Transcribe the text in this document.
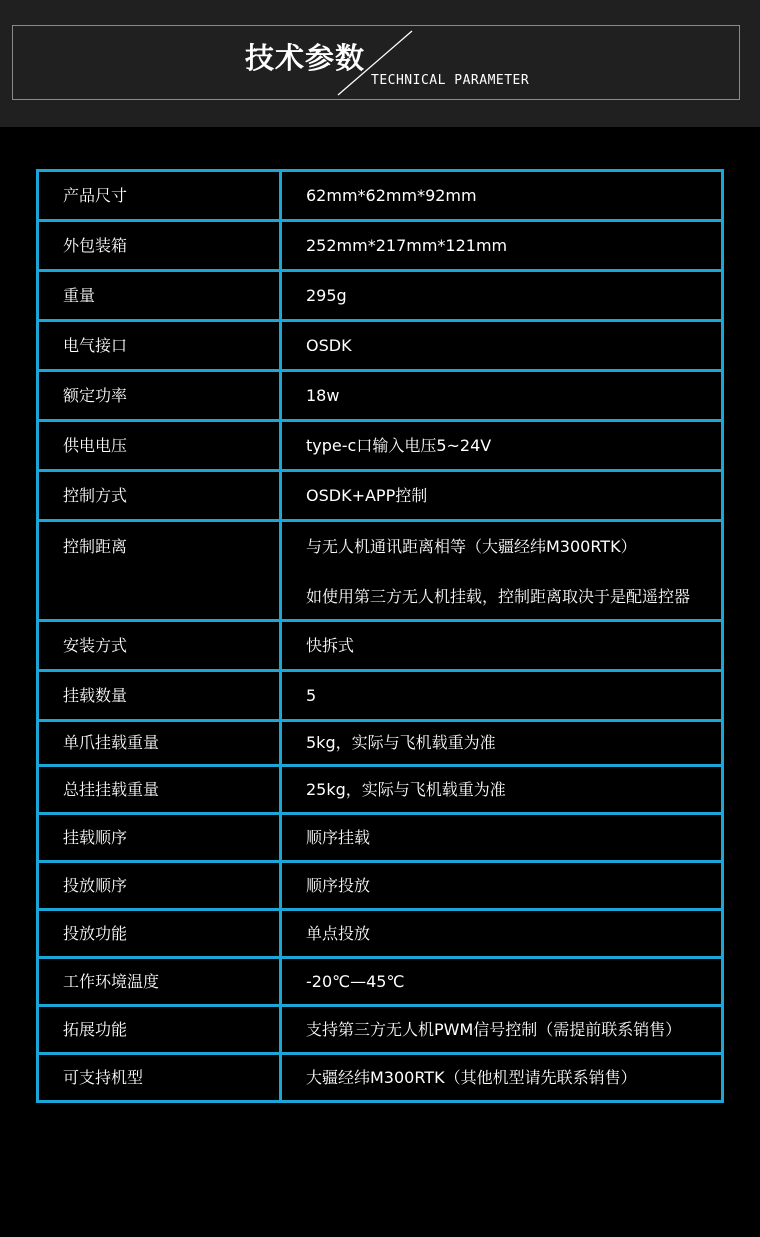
技术参数
TECHNICAL PARAMETER
产品尺寸	62mm*62mm*92mm

外包装箱	252mm*217mm*121mm

重量	295g

电气接口	OSDK

额定功率	18w

供电电压	type-c口输入电压5~24V

控制方式	OSDK+APP控制

控制距离	与无人机通讯距离相等（大疆经纬M300RTK）
如使用第三方无人机挂载，控制距离取决于是配遥控器

安装方式	快拆式

挂载数量	5

单爪挂载重量	5kg，实际与飞机载重为准

总挂挂载重量	25kg，实际与飞机载重为准

挂载顺序	顺序挂载

投放顺序	顺序投放

投放功能	单点投放

工作环境温度	-20℃—45℃

拓展功能	支持第三方无人机PWM信号控制（需提前联系销售）

可支持机型	大疆经纬M300RTK（其他机型请先联系销售）
